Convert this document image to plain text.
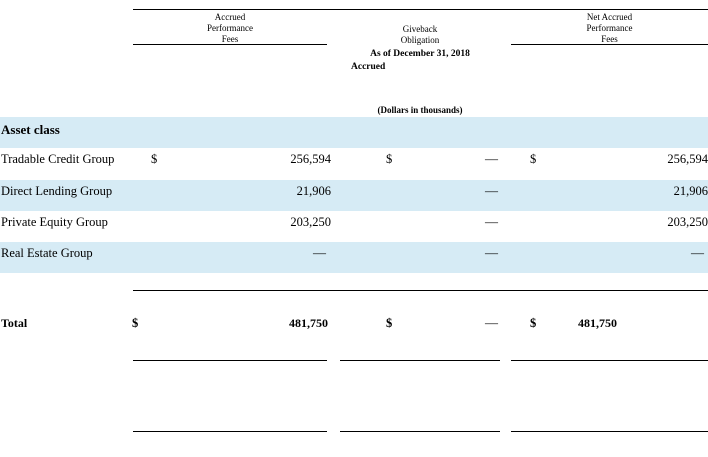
Accrued
Performance
Fees
Giveback
Obligation
Net Accrued
Performance
Fees
As of December 31, 2018
Accrued
(Dollars in thousands)
Asset class
Tradable Credit Group	$	256,594	$	—	$	256,594
Direct Lending Group	21,906	—	21,906
Private Equity Group	203,250	—	203,250
Real Estate Group	—	—	—
Total	$	481,750	$	—	$	481,750
